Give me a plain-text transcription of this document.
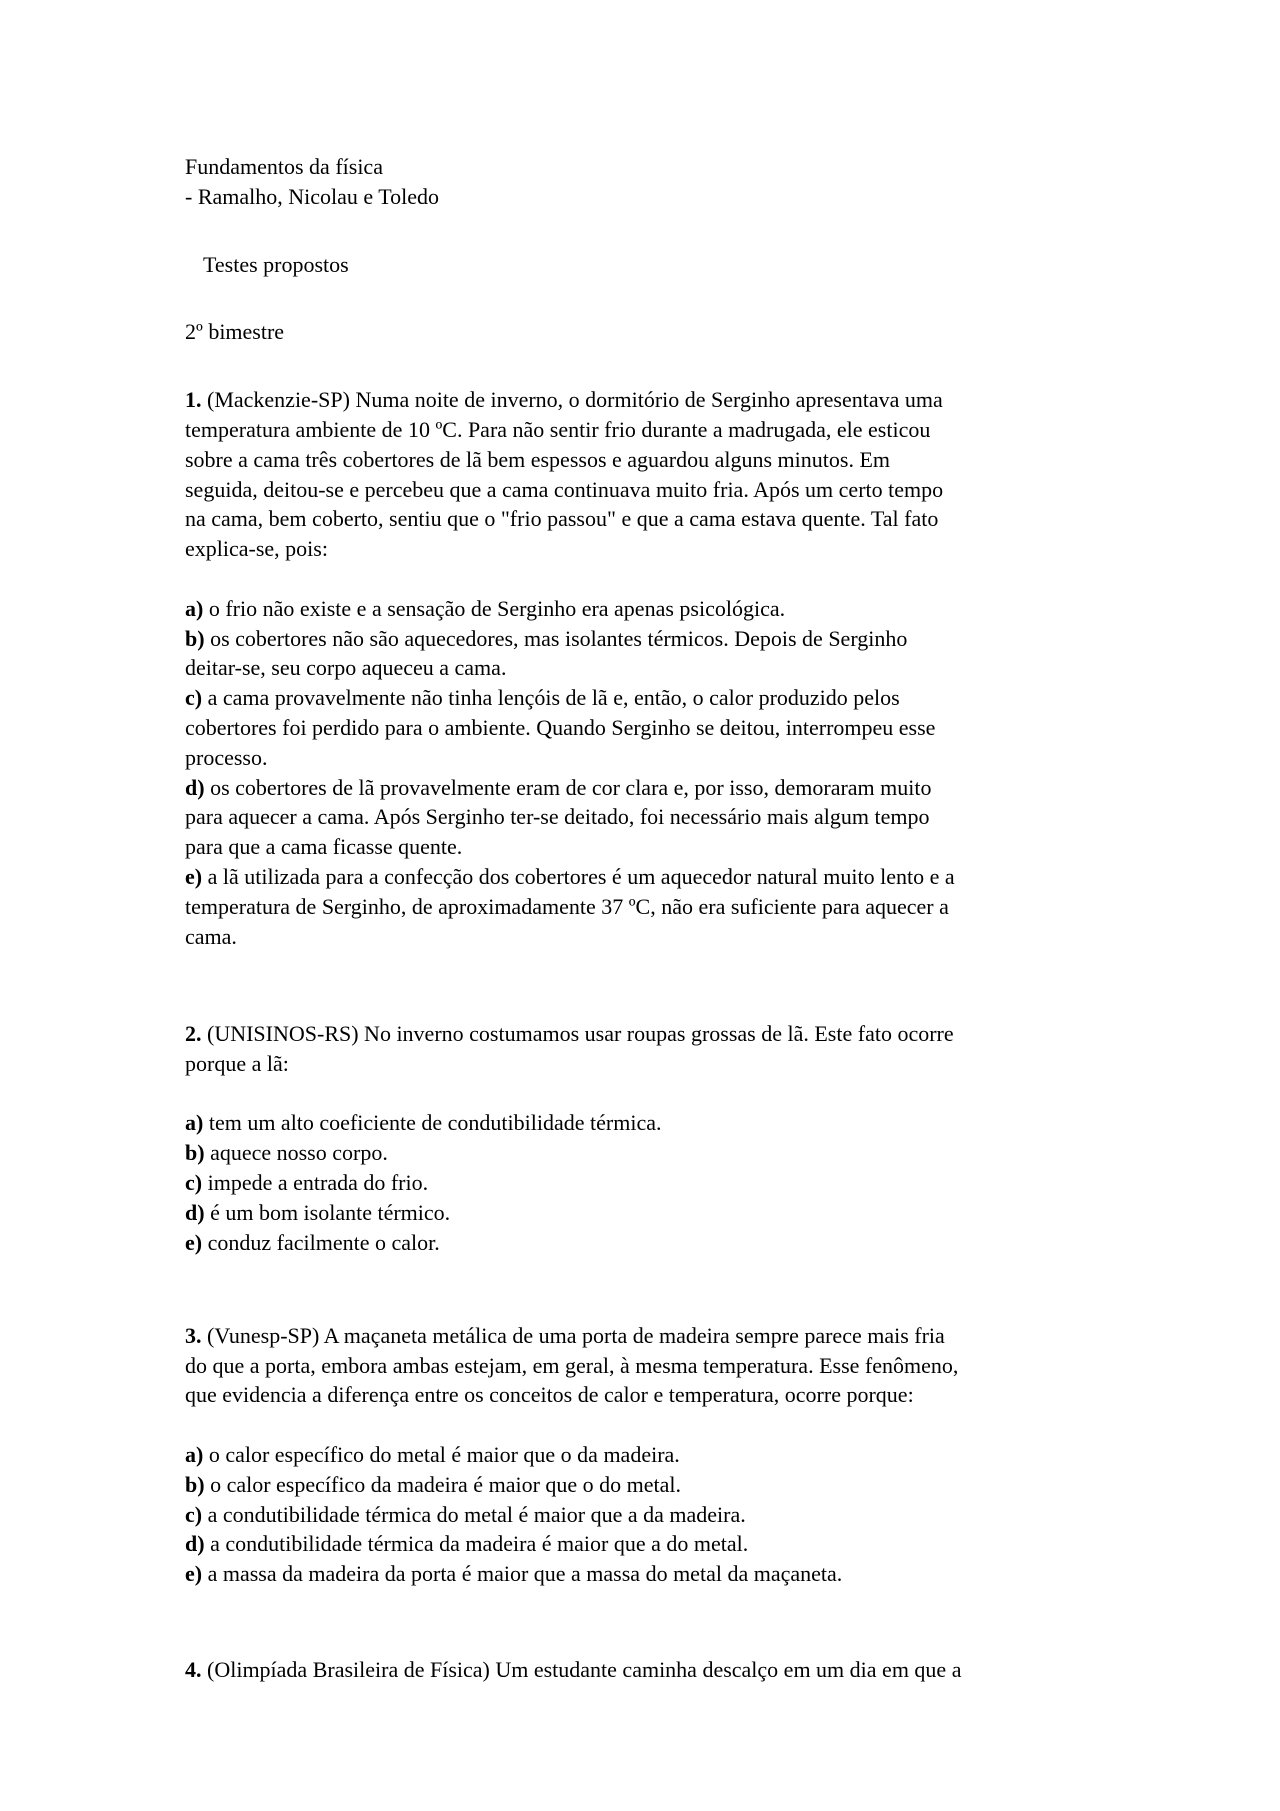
Fundamentos da física
- Ramalho, Nicolau e Toledo
Testes propostos
2º bimestre
1. (Mackenzie-SP) Numa noite de inverno, o dormitório de Serginho apresentava uma
temperatura ambiente de 10 ºC. Para não sentir frio durante a madrugada, ele esticou
sobre a cama três cobertores de lã bem espessos e aguardou alguns minutos. Em
seguida, deitou-se e percebeu que a cama continuava muito fria. Após um certo tempo
na cama, bem coberto, sentiu que o "frio passou" e que a cama estava quente. Tal fato
explica-se, pois:
a) o frio não existe e a sensação de Serginho era apenas psicológica.
b) os cobertores não são aquecedores, mas isolantes térmicos. Depois de Serginho
deitar-se, seu corpo aqueceu a cama.
c) a cama provavelmente não tinha lençóis de lã e, então, o calor produzido pelos
cobertores foi perdido para o ambiente. Quando Serginho se deitou, interrompeu esse
processo.
d) os cobertores de lã provavelmente eram de cor clara e, por isso, demoraram muito
para aquecer a cama. Após Serginho ter-se deitado, foi necessário mais algum tempo
para que a cama ficasse quente.
e) a lã utilizada para a confecção dos cobertores é um aquecedor natural muito lento e a
temperatura de Serginho, de aproximadamente 37 ºC, não era suficiente para aquecer a
cama.
2. (UNISINOS-RS) No inverno costumamos usar roupas grossas de lã. Este fato ocorre
porque a lã:
a) tem um alto coeficiente de condutibilidade térmica.
b) aquece nosso corpo.
c) impede a entrada do frio.
d) é um bom isolante térmico.
e) conduz facilmente o calor.
3. (Vunesp-SP) A maçaneta metálica de uma porta de madeira sempre parece mais fria
do que a porta, embora ambas estejam, em geral, à mesma temperatura. Esse fenômeno,
que evidencia a diferença entre os conceitos de calor e temperatura, ocorre porque:
a) o calor específico do metal é maior que o da madeira.
b) o calor específico da madeira é maior que o do metal.
c) a condutibilidade térmica do metal é maior que a da madeira.
d) a condutibilidade térmica da madeira é maior que a do metal.
e) a massa da madeira da porta é maior que a massa do metal da maçaneta.
4. (Olimpíada Brasileira de Física) Um estudante caminha descalço em um dia em que a
